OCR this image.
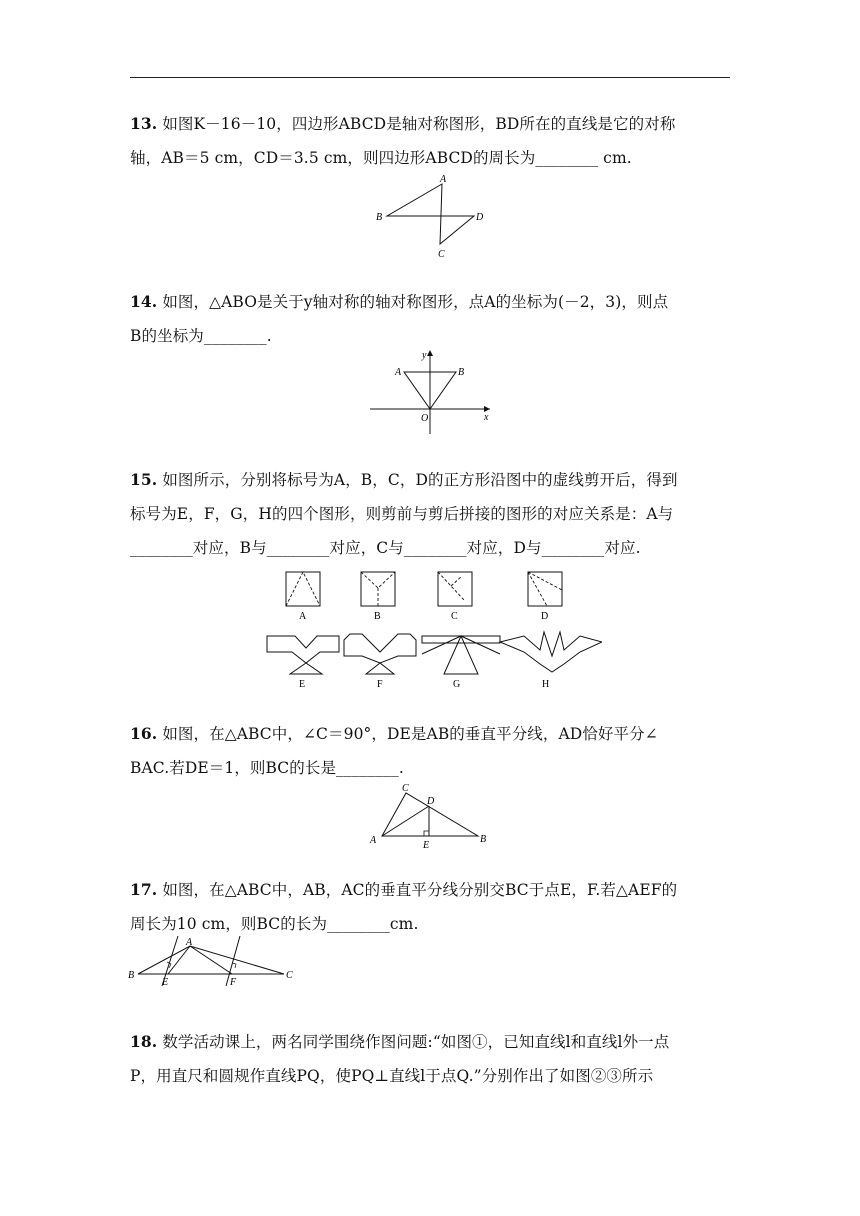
13. 如图K－16－10，四边形ABCD是轴对称图形，BD所在的直线是它的对称
轴，AB＝5 cm，CD＝3.5 cm，则四边形ABCD的周长为________ cm.
A
B
C
D
14. 如图，△ABO是关于y轴对称的轴对称图形，点A的坐标为(－2，3)，则点
B的坐标为________.
y
A	B
O	x
15. 如图所示，分别将标号为A，B，C，D的正方形沿图中的虚线剪开后，得到
标号为E，F，G，H的四个图形，则剪前与剪后拼接的图形的对应关系是：A与
________对应，B与________对应，C与________对应，D与________对应.
A	B	C	D
E	F	G	H
16. 如图，在△ABC中，∠C＝90°，DE是AB的垂直平分线，AD恰好平分∠
BAC.若DE＝1，则BC的长是________.
C
D
A	E
B
17. 如图，在△ABC中，AB，AC的垂直平分线分别交BC于点E，F.若△AEF的
周长为10 cm，则BC的长为________cm.
A
B
E	F
C
18. 数学活动课上，两名同学围绕作图问题:“如图①，已知直线l和直线l外一点
P，用直尺和圆规作直线PQ，使PQ⊥直线l于点Q.”分别作出了如图②③所示
